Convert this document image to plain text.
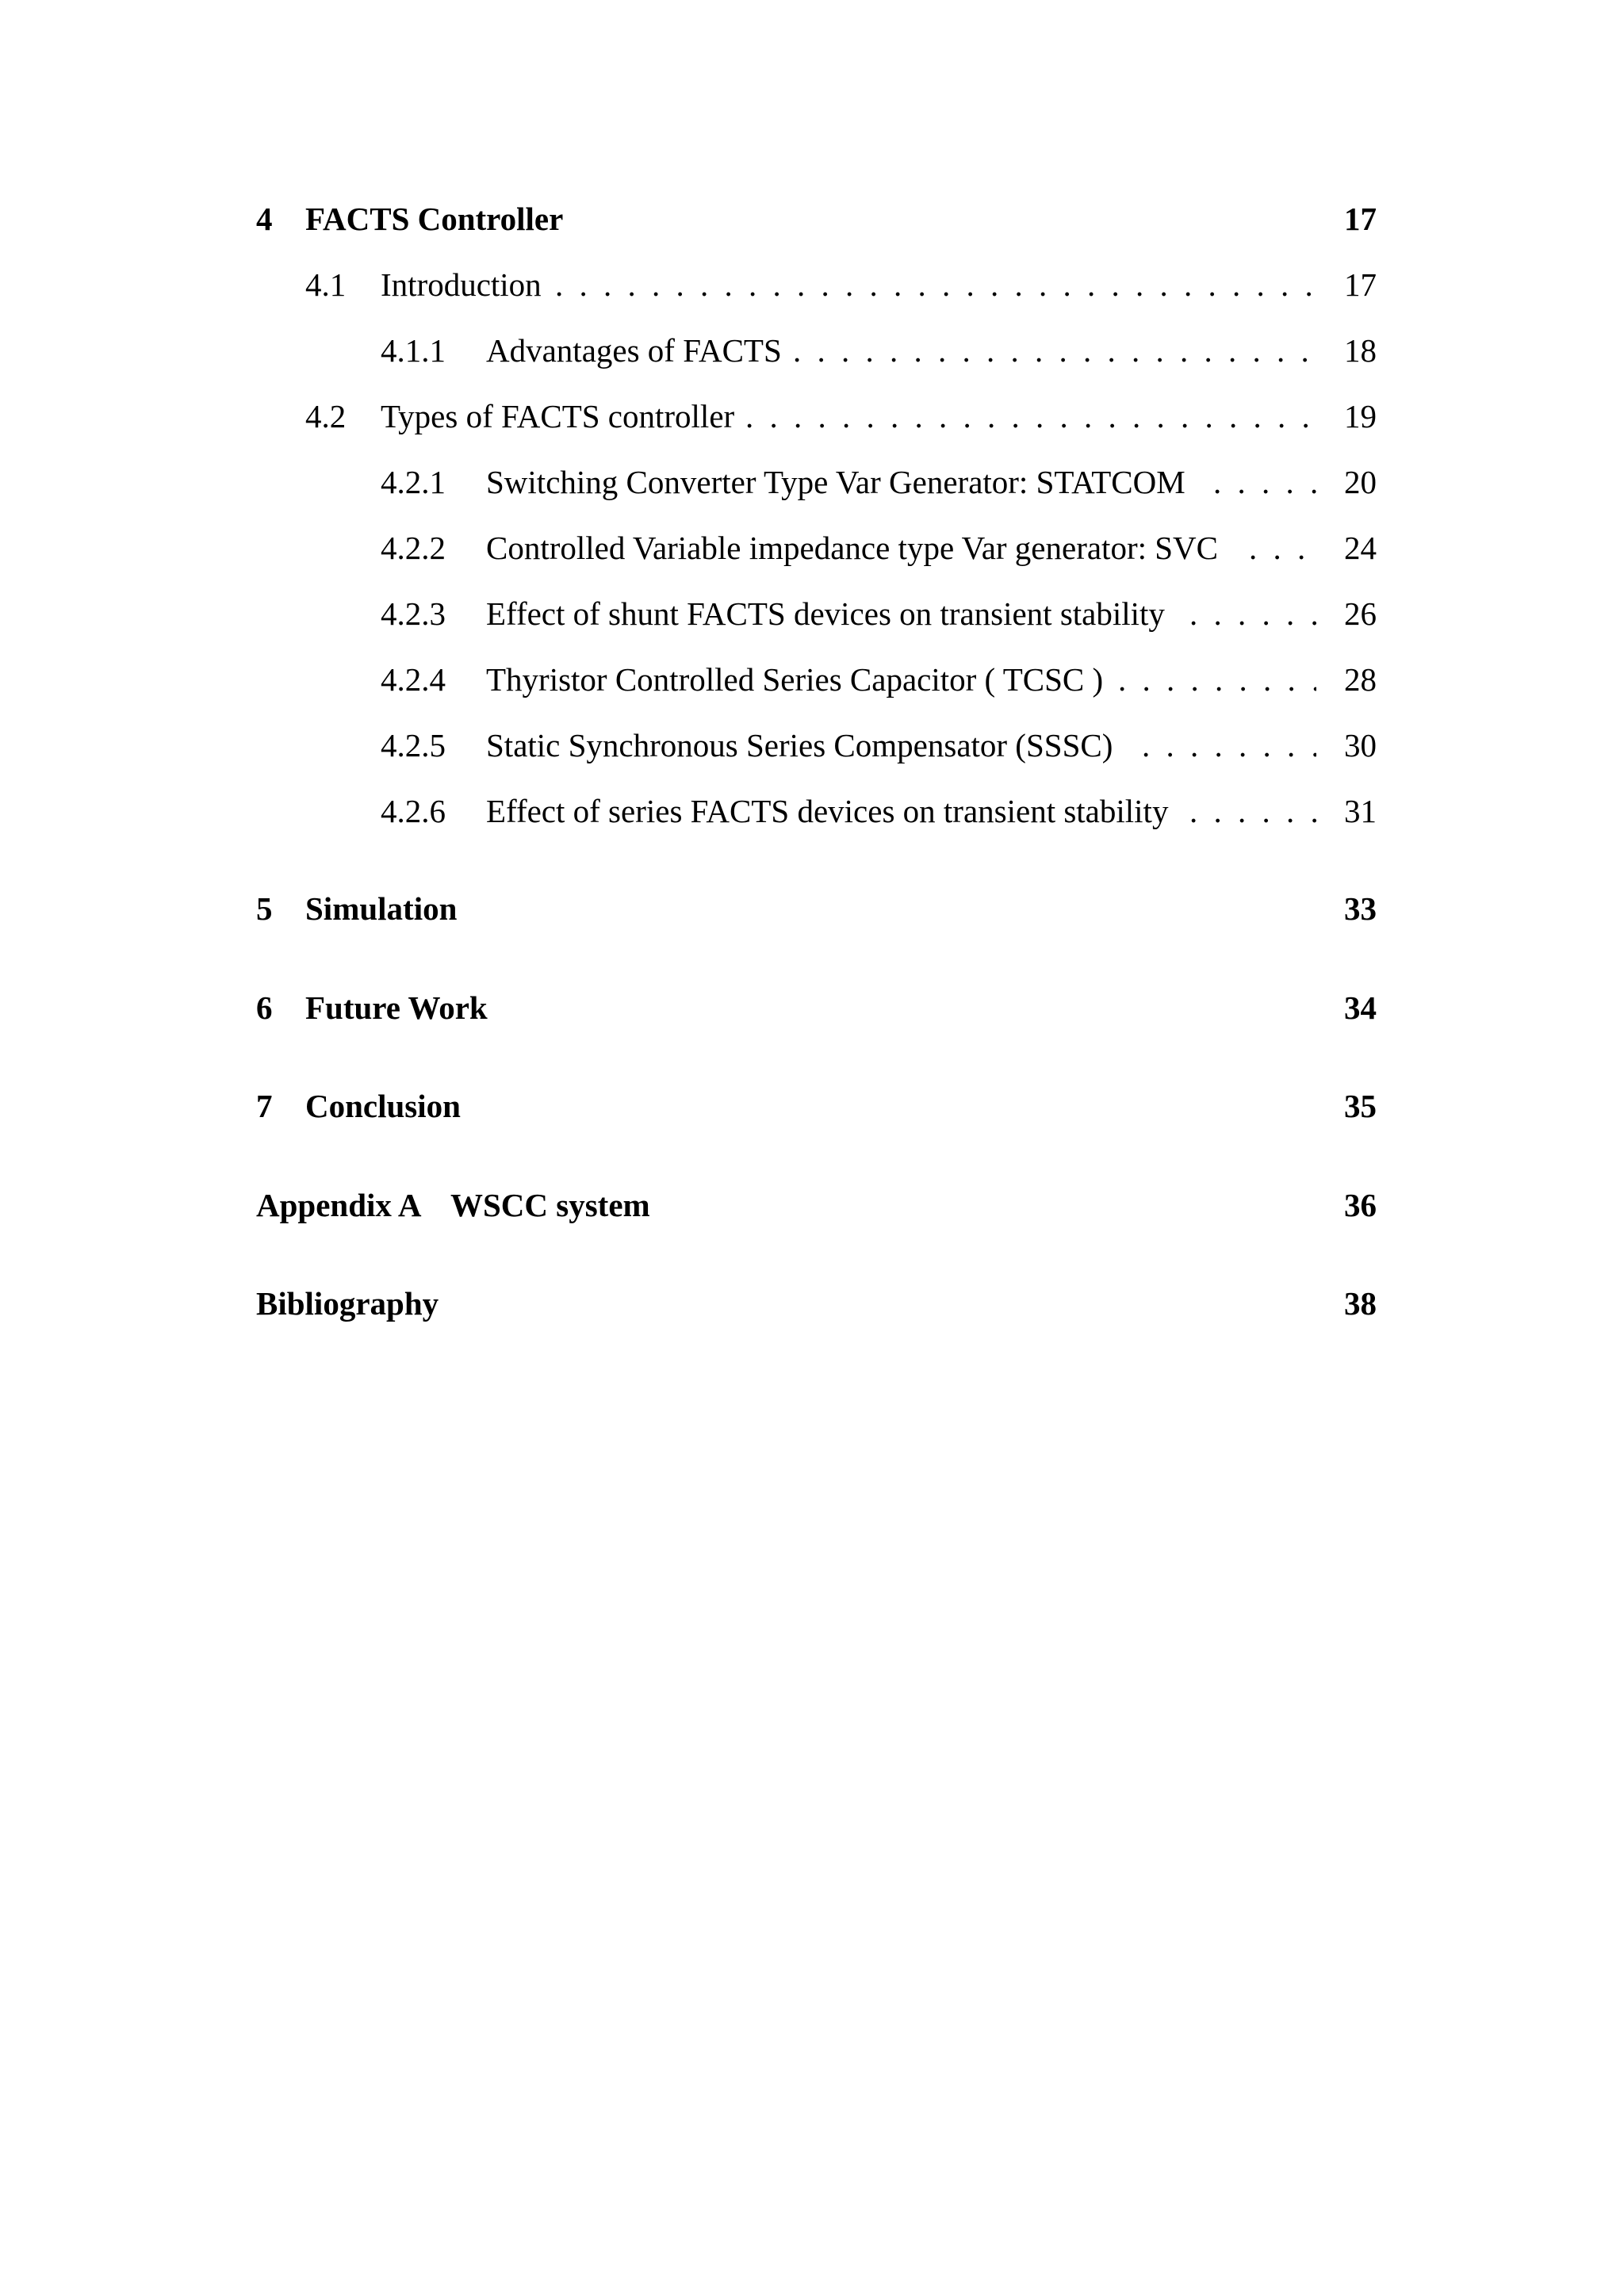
4 FACTS Controller	17
4.1 Introduction . . .	17
4.1.1 Advantages of FACTS . . .	18
4.2 Types of FACTS controller . . .	19
4.2.1 Switching Converter Type Var Generator: STATCOM . . .	20
4.2.2 Controlled Variable impedance type Var generator: SVC . . .	24
4.2.3 Effect of shunt FACTS devices on transient stability . . .	26
4.2.4 Thyristor Controlled Series Capacitor ( TCSC ) . . .	28
4.2.5 Static Synchronous Series Compensator (SSSC) . . .	30
4.2.6 Effect of series FACTS devices on transient stability . . .	31
5 Simulation	33
6 Future Work	34
7 Conclusion	35
Appendix A WSCC system	36
Bibliography	38
